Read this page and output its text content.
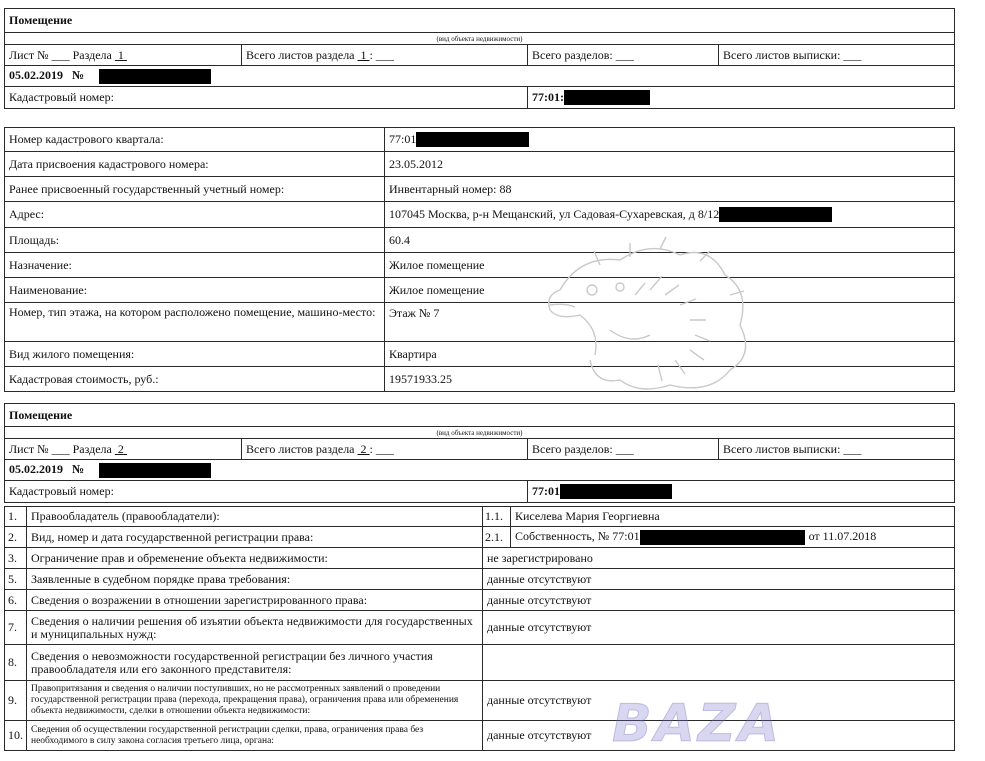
Помещение			
(вид объекта недвижимости)			
Лист № ___ Раздела 1	Всего листов раздела 1 : ___	Всего разделов: ___	Всего листов выписки: ___
05.02.2019 №			
Кадастровый номер:		77:01:	
Номер кадастрового квартала:	77:01
Дата присвоения кадастрового номера:	23.05.2012
Ранее присвоенный государственный учетный номер:	Инвентарный номер: 88
Адрес:	107045 Москва, р-н Мещанский, ул Садовая-Сухаревская, д 8/12
Площадь:	60.4
Назначение:	Жилое помещение
Наименование:	Жилое помещение
Номер, тип этажа, на котором расположено помещение, машино-место:	Этаж № 7
Вид жилого помещения:	Квартира
Кадастровая стоимость, руб.:	19571933.25
Помещение			
(вид объекта недвижимости)			
Лист № ___ Раздела 2	Всего листов раздела 2 : ___	Всего разделов: ___	Всего листов выписки: ___
05.02.2019 №			
Кадастровый номер:		77:01	
1.	Правообладатель (правообладатели):	1.1.	Киселева Мария Георгиевна
2.	Вид, номер и дата государственной регистрации права:	2.1.	Собственность, № 77:01 от 11.07.2018
3.	Ограничение прав и обременение объекта недвижимости:	не зарегистрировано	
5.	Заявленные в судебном порядке права требования:	данные отсутствуют	
6.	Сведения о возражении в отношении зарегистрированного права:	данные отсутствуют	
7.	Сведения о наличии решения об изъятии объекта недвижимости для государственных и муниципальных нужд:	данные отсутствуют	
8.	Сведения о невозможности государственной регистрации без личного участия правообладателя или его законного представителя:		
9.	Правопритязания и сведения о наличии поступивших, но не рассмотренных заявлений о проведении государственной регистрации права (перехода, прекращения права), ограничения права или обременения объекта недвижимости, сделки в отношении объекта недвижимости:	данные отсутствуют	
10.	Сведения об осуществлении государственной регистрации сделки, права, ограничения права без необходимого в силу закона согласия третьего лица, органа:	данные отсутствуют	BAZA
